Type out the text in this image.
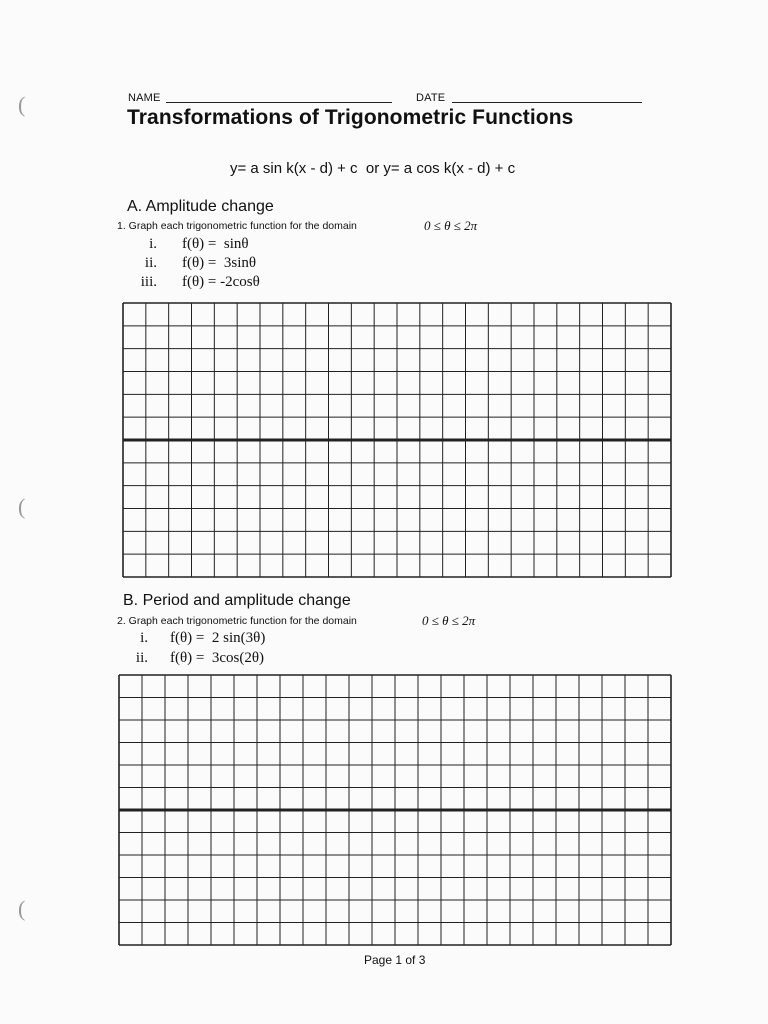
(
(
(
NAME	DATE
Transformations of Trigonometric Functions
y= a sin k(x - d) + c  or y= a cos k(x - d) + c
A. Amplitude change
1. Graph each trigonometric function for the domain	0 ≤ θ ≤ 2π
i. f(θ) =  sinθ
ii. f(θ) =  3sinθ
iii. f(θ) = -2cosθ
B. Period and amplitude change
2. Graph each trigonometric function for the domain	0 ≤ θ ≤ 2π
i. f(θ) =  2 sin(3θ)
ii. f(θ) =  3cos(2θ)
Page 1 of 3
